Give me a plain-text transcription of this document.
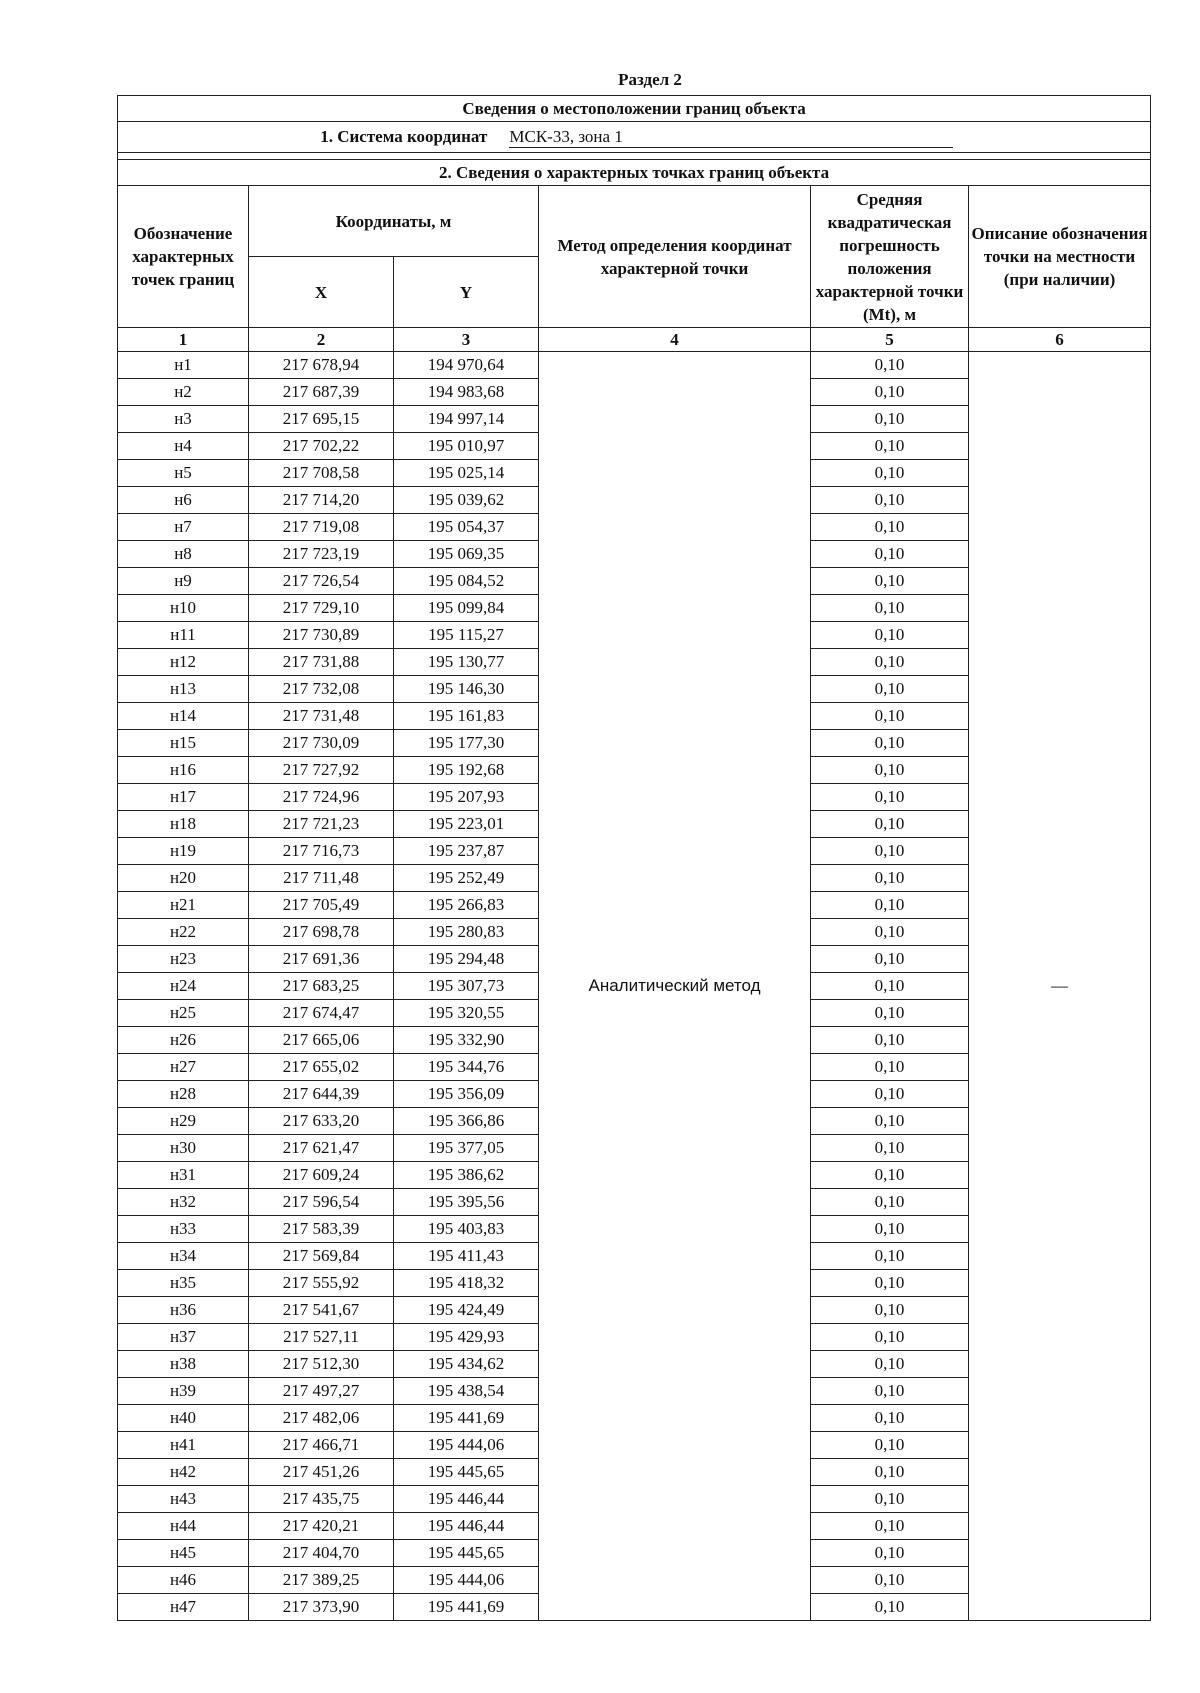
Раздел 2
Сведения о местоположении границ объекта					
1. Система координат МСК-33, зона 1					

2. Сведения о характерных точках границ объекта					
Обозначение характерных точек границ	Координаты, м		Метод определения координат характерной точки	Средняя квадратическая погрешность положения характерной точки (Mt), м	Описание обозначения точки на местности (при наличии)
	X	Y			
1	2	3	4	5	6
н1	217 678,94	194 970,64	Аналитический метод	0,10	—
н2	217 687,39	194 983,68		0,10	
н3	217 695,15	194 997,14		0,10	
н4	217 702,22	195 010,97		0,10	
н5	217 708,58	195 025,14		0,10	
н6	217 714,20	195 039,62		0,10	
н7	217 719,08	195 054,37		0,10	
н8	217 723,19	195 069,35		0,10	
н9	217 726,54	195 084,52		0,10	
н10	217 729,10	195 099,84		0,10	
н11	217 730,89	195 115,27		0,10	
н12	217 731,88	195 130,77		0,10	
н13	217 732,08	195 146,30		0,10	
н14	217 731,48	195 161,83		0,10	
н15	217 730,09	195 177,30		0,10	
н16	217 727,92	195 192,68		0,10	
н17	217 724,96	195 207,93		0,10	
н18	217 721,23	195 223,01		0,10	
н19	217 716,73	195 237,87		0,10	
н20	217 711,48	195 252,49		0,10	
н21	217 705,49	195 266,83		0,10	
н22	217 698,78	195 280,83		0,10	
н23	217 691,36	195 294,48		0,10	
н24	217 683,25	195 307,73		0,10	
н25	217 674,47	195 320,55		0,10	
н26	217 665,06	195 332,90		0,10	
н27	217 655,02	195 344,76		0,10	
н28	217 644,39	195 356,09		0,10	
н29	217 633,20	195 366,86		0,10	
н30	217 621,47	195 377,05		0,10	
н31	217 609,24	195 386,62		0,10	
н32	217 596,54	195 395,56		0,10	
н33	217 583,39	195 403,83		0,10	
н34	217 569,84	195 411,43		0,10	
н35	217 555,92	195 418,32		0,10	
н36	217 541,67	195 424,49		0,10	
н37	217 527,11	195 429,93		0,10	
н38	217 512,30	195 434,62		0,10	
н39	217 497,27	195 438,54		0,10	
н40	217 482,06	195 441,69		0,10	
н41	217 466,71	195 444,06		0,10	
н42	217 451,26	195 445,65		0,10	
н43	217 435,75	195 446,44		0,10	
н44	217 420,21	195 446,44		0,10	
н45	217 404,70	195 445,65		0,10	
н46	217 389,25	195 444,06		0,10	
н47	217 373,90	195 441,69		0,10	
